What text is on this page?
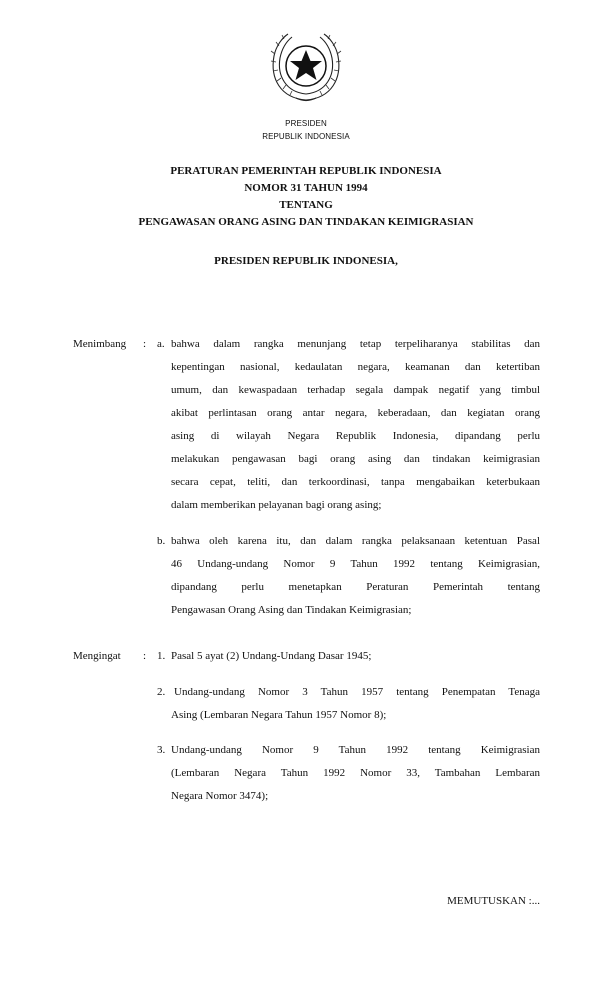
PRESIDEN
REPUBLIK INDONESIA
PERATURAN PEMERINTAH REPUBLIK INDONESIA
NOMOR 31 TAHUN 1994
TENTANG
PENGAWASAN ORANG ASING DAN TINDAKAN KEIMIGRASIAN
PRESIDEN REPUBLIK INDONESIA,
Menimbang : a. bahwa dalam rangka menunjang tetap terpeliharanya stabilitas dan
kepentingan nasional, kedaulatan negara, keamanan dan ketertiban
umum, dan kewaspadaan terhadap segala dampak negatif yang timbul
akibat perlintasan orang antar negara, keberadaan, dan kegiatan orang
asing di wilayah Negara Republik Indonesia, dipandang perlu
melakukan pengawasan bagi orang asing dan tindakan keimigrasian
secara cepat, teliti, dan terkoordinasi, tanpa mengabaikan keterbukaan
dalam memberikan pelayanan bagi orang asing;
b. bahwa oleh karena itu, dan dalam rangka pelaksanaan ketentuan Pasal
46 Undang-undang Nomor 9 Tahun 1992 tentang Keimigrasian,
dipandang perlu menetapkan Peraturan Pemerintah tentang
Pengawasan Orang Asing dan Tindakan Keimigrasian;
Mengingat : 1. Pasal 5 ayat (2) Undang-Undang Dasar 1945;
2. Undang-undang Nomor 3 Tahun 1957 tentang Penempatan Tenaga
Asing (Lembaran Negara Tahun 1957 Nomor 8);
3. Undang-undang Nomor 9 Tahun 1992 tentang Keimigrasian
(Lembaran Negara Tahun 1992 Nomor 33, Tambahan Lembaran
Negara Nomor 3474);
MEMUTUSKAN :...
